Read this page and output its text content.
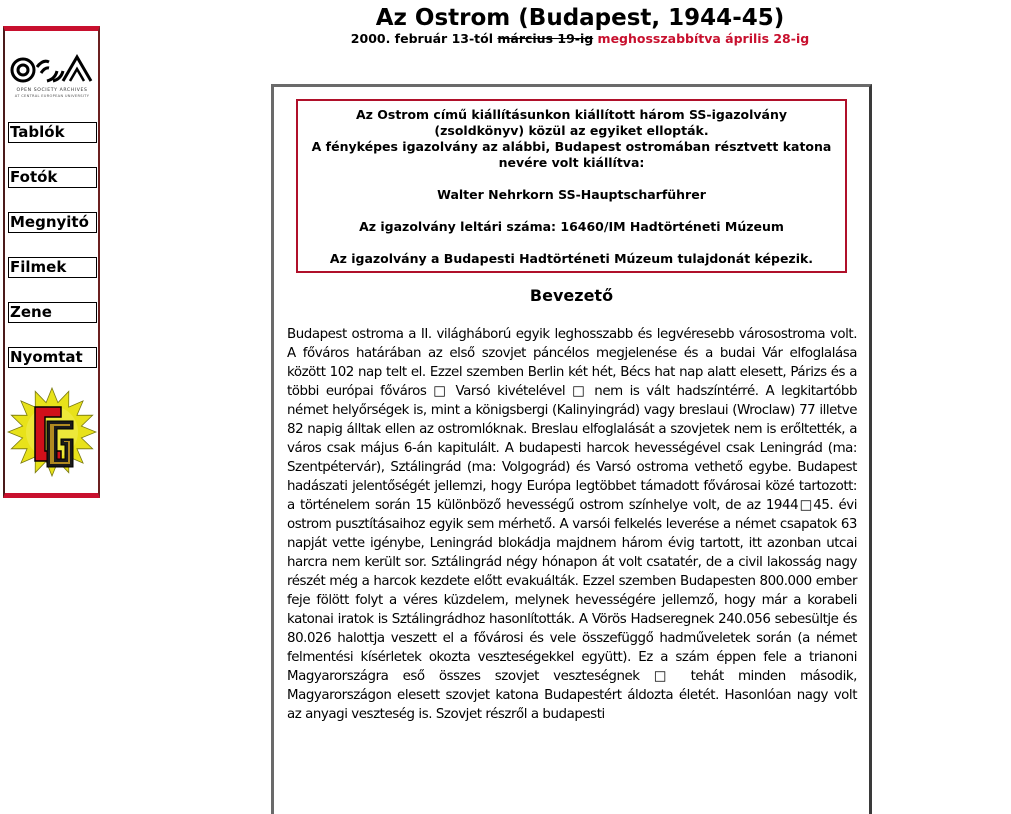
OPEN SOCIETY ARCHIVES
AT CENTRAL EUROPEAN UNIVERSITY
Tablók
Fotók
Megnyitó
Filmek
Zene
Nyomtat
Az Ostrom (Budapest, 1944-45)
2000. február 13-tól március 19-ig meghosszabbítva április 28-ig

Az Ostrom című kiállításunkon kiállított három SS-igazolvány

(zsoldkönyv) közül az egyiket ellopták.

A fényképes igazolvány az alábbi, Budapest ostromában résztvett katona

nevére volt kiállítva:

Walter Nehrkorn SS-Hauptscharführer

Az igazolvány leltári száma: 16460/IM Hadtörténeti Múzeum

Az igazolvány a Budapesti Hadtörténeti Múzeum tulajdonát képezik.

Bevezető

Budapest ostroma a II. világháború egyik leghosszabb és legvéresebb városostroma volt. A főváros határában az első szovjet páncélos megjelenése és a budai Vár elfoglalása között 102 nap telt el. Ezzel szemben Berlin két hét, Bécs hat nap alatt elesett, Párizs és a többi európai főváros □ Varsó kivételével □ nem is vált hadszíntérré. A legkitartóbb német helyőrségek is, mint a königsbergi (Kalinyingrád) vagy breslaui (Wroclaw) 77 illetve 82 napig álltak ellen az ostromlóknak. Breslau elfoglalását a szovjetek nem is erőltették, a város csak május 6-án kapitulált. A budapesti harcok hevességével csak Leningrád (ma: Szentpétervár), Sztálingrád (ma: Volgográd) és Varsó ostroma vethető egybe. Budapest hadászati jelentőségét jellemzi, hogy Európa legtöbbet támadott fővárosai közé tartozott: a történelem során 15 különböző hevességű ostrom színhelye volt, de az 1944□45. évi ostrom pusztításaihoz egyik sem mérhető. A varsói felkelés leverése a német csapatok 63 napját vette igénybe, Leningrád blokádja majdnem három évig tartott, itt azonban utcai harcra nem került sor. Sztálingrád négy hónapon át volt csatatér, de a civil lakosság nagy részét még a harcok kezdete előtt evakuálták. Ezzel szemben Budapesten 800.000 ember feje fölött folyt a véres küzdelem, melynek hevességére jellemző, hogy már a korabeli katonai iratok is Sztálingrádhoz hasonlították. A Vörös Hadseregnek 240.056 sebesültje és 80.026 halottja veszett el a fővárosi és vele összefüggő hadműveletek során (a német felmentési kísérletek okozta veszteségekkel együtt). Ez a szám éppen fele a trianoni Magyarországra eső összes szovjet veszteségnek □ tehát minden második, Magyarországon elesett szovjet katona Budapestért áldozta életét. Hasonlóan nagy volt az anyagi veszteség is. Szovjet részről a budapesti
